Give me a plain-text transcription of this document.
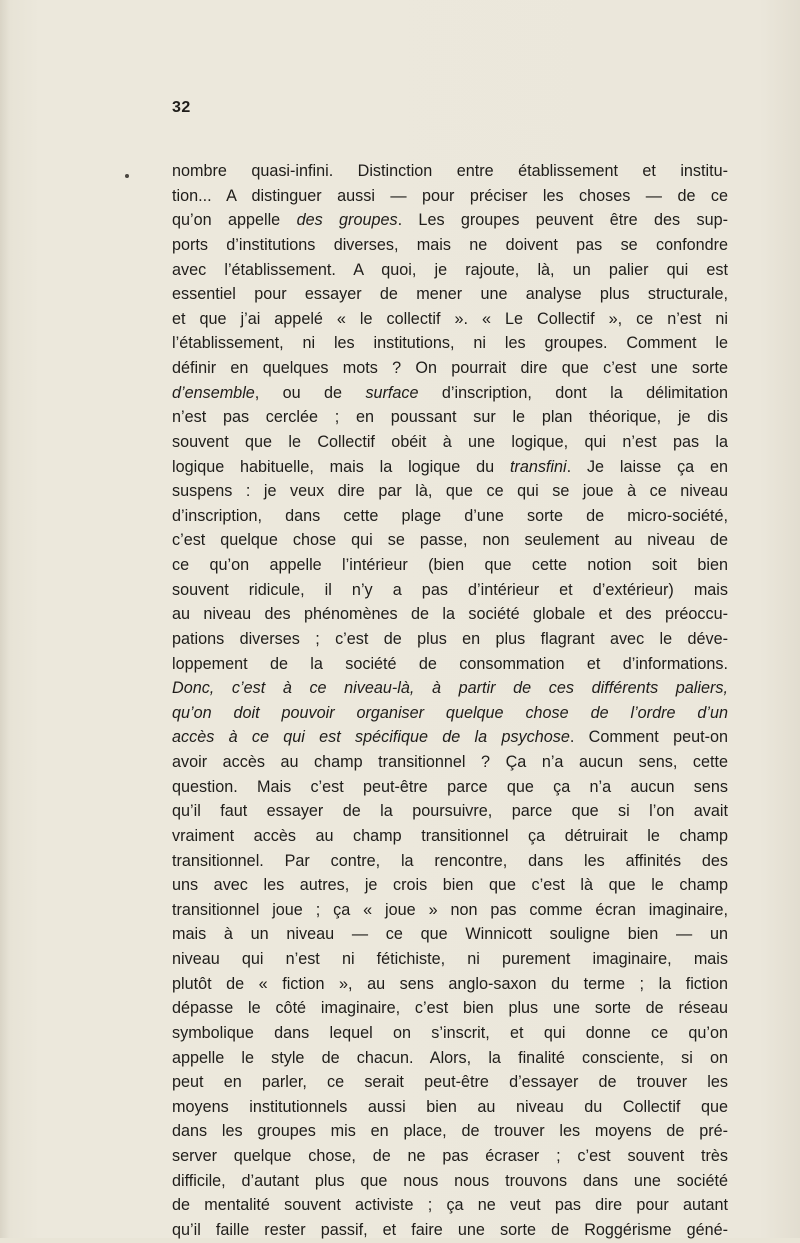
32
nombre quasi-infini. Distinction entre établissement et institu-
tion... A distinguer aussi — pour préciser les choses — de ce
qu’on appelle des groupes. Les groupes peuvent être des sup-
ports d’institutions diverses, mais ne doivent pas se confondre
avec l’établissement. A quoi, je rajoute, là, un palier qui est
essentiel pour essayer de mener une analyse plus structurale,
et que j’ai appelé « le collectif ». « Le Collectif », ce n’est ni
l’établissement, ni les institutions, ni les groupes. Comment le
définir en quelques mots ? On pourrait dire que c’est une sorte
d’ensemble, ou de surface d’inscription, dont la délimitation
n’est pas cerclée ; en poussant sur le plan théorique, je dis
souvent que le Collectif obéit à une logique, qui n’est pas la
logique habituelle, mais la logique du transfini. Je laisse ça en
suspens : je veux dire par là, que ce qui se joue à ce niveau
d’inscription, dans cette plage d’une sorte de micro-société,
c’est quelque chose qui se passe, non seulement au niveau de
ce qu’on appelle l’intérieur (bien que cette notion soit bien
souvent ridicule, il n’y a pas d’intérieur et d’extérieur) mais
au niveau des phénomènes de la société globale et des préoccu-
pations diverses ; c’est de plus en plus flagrant avec le déve-
loppement de la société de consommation et d’informations.
Donc, c’est à ce niveau-là, à partir de ces différents paliers,
qu’on doit pouvoir organiser quelque chose de l’ordre d’un
accès à ce qui est spécifique de la psychose. Comment peut-on
avoir accès au champ transitionnel ? Ça n’a aucun sens, cette
question. Mais c’est peut-être parce que ça n’a aucun sens
qu’il faut essayer de la poursuivre, parce que si l’on avait
vraiment accès au champ transitionnel ça détruirait le champ
transitionnel. Par contre, la rencontre, dans les affinités des
uns avec les autres, je crois bien que c’est là que le champ
transitionnel joue ; ça « joue » non pas comme écran imaginaire,
mais à un niveau — ce que Winnicott souligne bien — un
niveau qui n’est ni fétichiste, ni purement imaginaire, mais
plutôt de « fiction », au sens anglo-saxon du terme ; la fiction
dépasse le côté imaginaire, c’est bien plus une sorte de réseau
symbolique dans lequel on s’inscrit, et qui donne ce qu’on
appelle le style de chacun. Alors, la finalité consciente, si on
peut en parler, ce serait peut-être d’essayer de trouver les
moyens institutionnels aussi bien au niveau du Collectif que
dans les groupes mis en place, de trouver les moyens de pré-
server quelque chose, de ne pas écraser ; c’est souvent très
difficile, d’autant plus que nous nous trouvons dans une société
de mentalité souvent activiste ; ça ne veut pas dire pour autant
qu’il faille rester passif, et faire une sorte de Roggérisme géné-
